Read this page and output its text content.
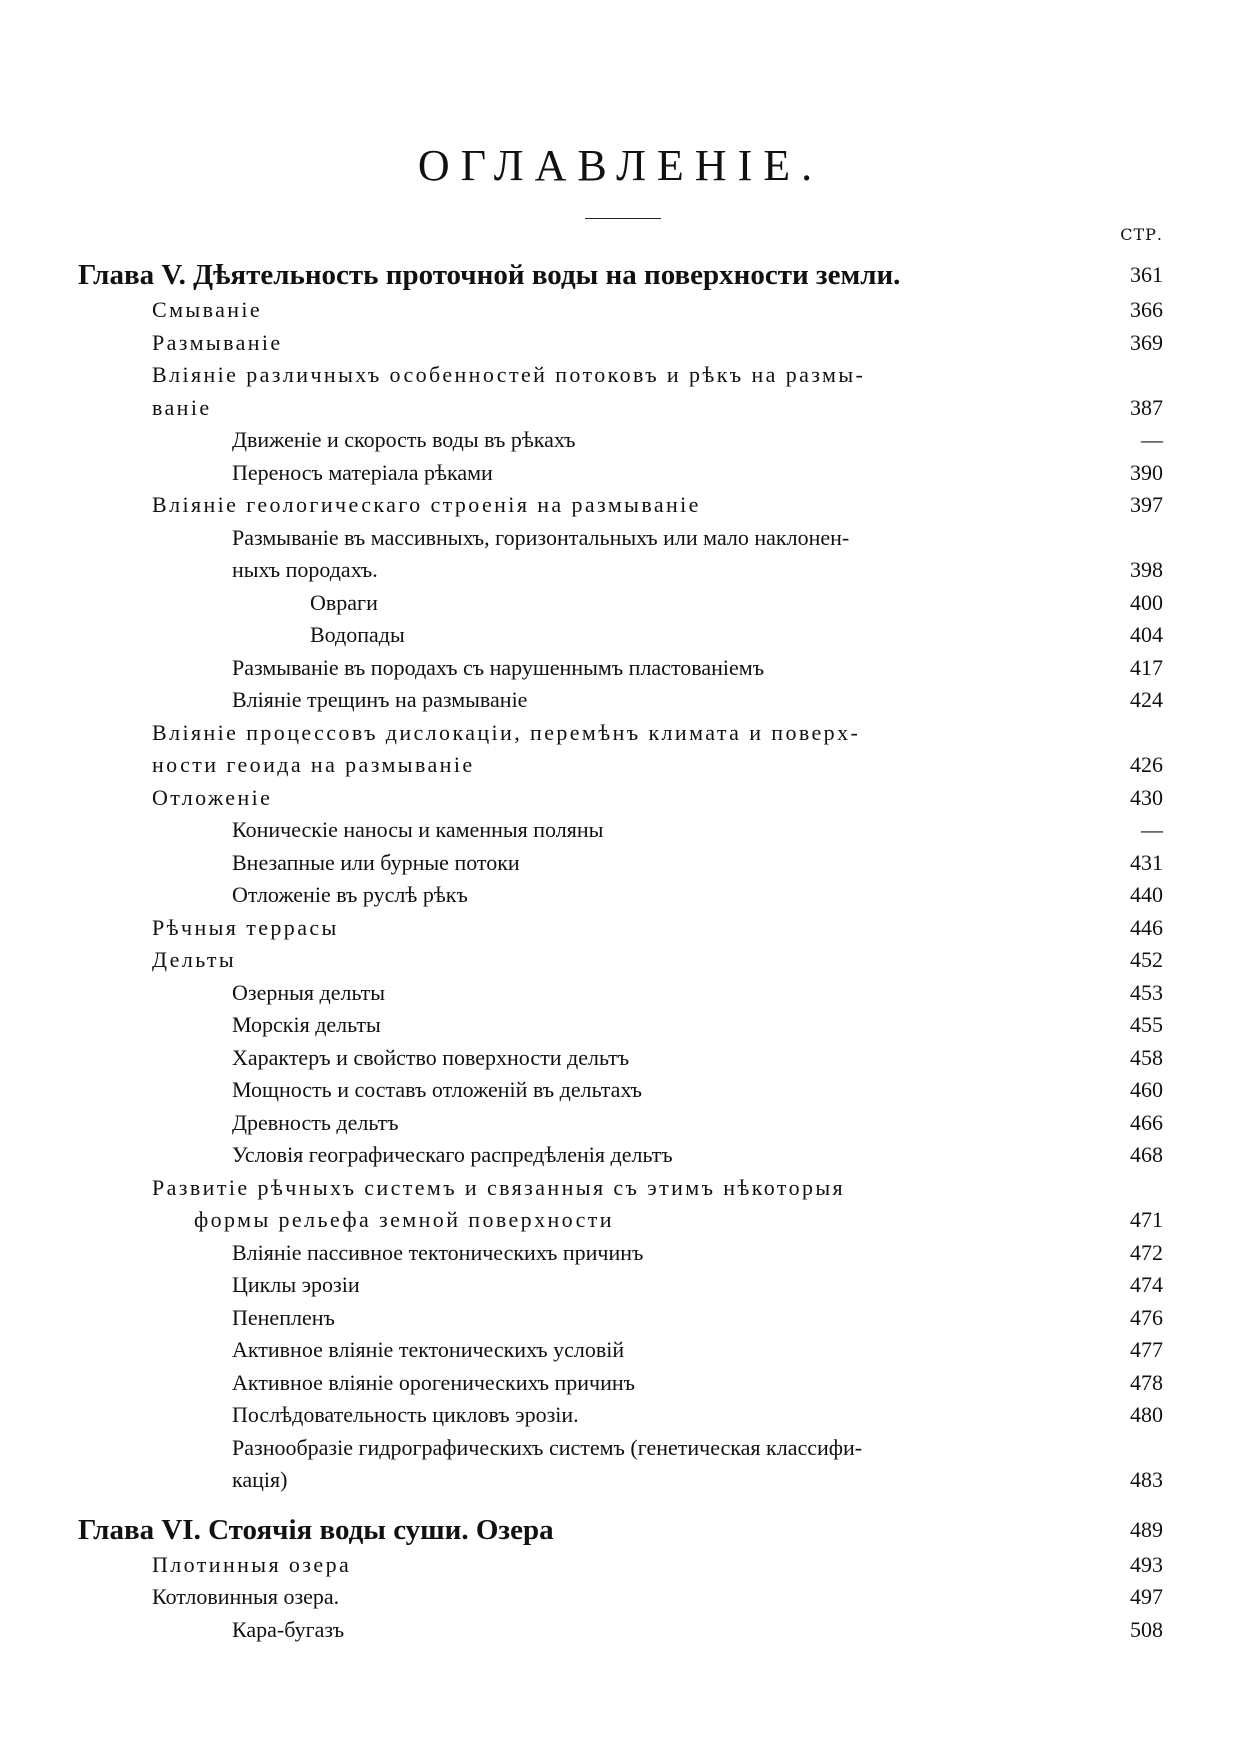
ОГЛАВЛЕНІЕ.
СТР.
Глава V. Дѣятельность проточной воды на поверхности земли.	361
Смываніе	366
Размываніе	369
Вліяніе различныхъ особенностей потоковъ и рѣкъ на размы-
ваніе	387
Движеніе и скорость воды въ рѣкахъ	—
Переносъ матеріала рѣками	390
Вліяніе геологическаго строенія на размываніе	397
Размываніе въ массивныхъ, горизонтальныхъ или мало наклонен-
ныхъ породахъ.	398
Овраги	400
Водопады	404
Размываніе въ породахъ съ нарушеннымъ пластованіемъ	417
Вліяніе трещинъ на размываніе	424
Вліяніе процессовъ дислокаціи, перемѣнъ климата и поверх-
ности геоида на размываніе	426
Отложеніе	430
Коническіе наносы и каменныя поляны	—
Внезапные или бурные потоки	431
Отложеніе въ руслѣ рѣкъ	440
Рѣчныя террасы	446
Дельты	452
Озерныя дельты	453
Морскія дельты	455
Характеръ и свойство поверхности дельтъ	458
Мощность и составъ отложеній въ дельтахъ	460
Древность дельтъ	466
Условія географическаго распредѣленія дельтъ	468
Развитіе рѣчныхъ системъ и связанныя съ этимъ нѣкоторыя
формы рельефа земной поверхности	471
Вліяніе пассивное тектоническихъ причинъ	472
Циклы эрозіи	474
Пенепленъ	476
Активное вліяніе тектоническихъ условій	477
Активное вліяніе орогеническихъ причинъ	478
Послѣдовательность цикловъ эрозіи.	480
Разнообразіе гидрографическихъ системъ (генетическая классифи-
кація)	483
Глава VI. Стоячія воды суши. Озера	489
Плотинныя озера	493
Котловинныя озера.	497
Кара-бугазъ	508
